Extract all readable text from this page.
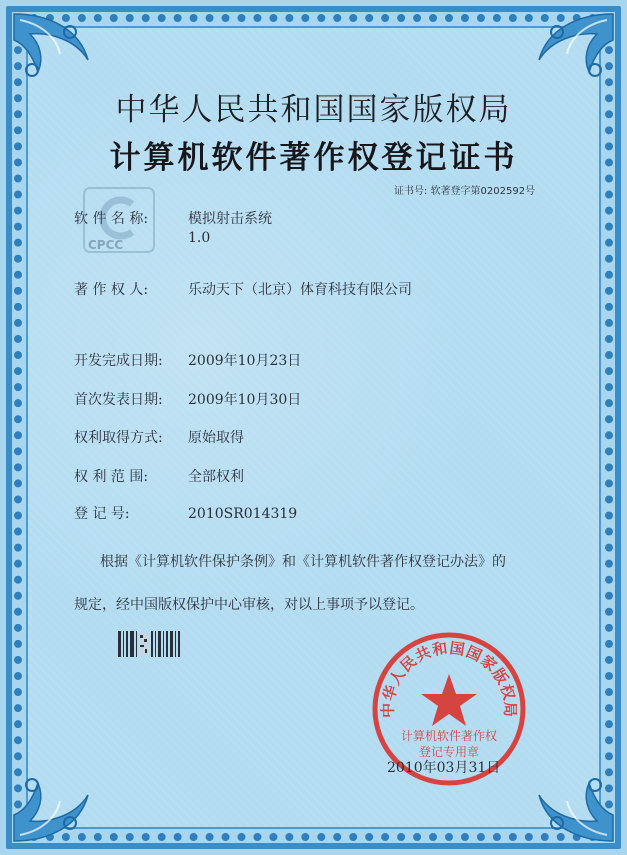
中华人民共和国国家版权局
计算机软件著作权登记证书
证书号: 软著登字第0202592号
CPCC
软 件 名 称:	模拟射击系统
1.0
著 作 权 人:	乐动天下（北京）体育科技有限公司
开发完成日期: 2009年10月23日
首次发表日期: 2009年10月30日
权利取得方式: 原始取得
权 利 范 围:	全部权利
登 记 号:	2010SR014319
根据《计算机软件保护条例》和《计算机软件著作权登记办法》的
规定，经中国版权保护中心审核，对以上事项予以登记。
中华人民共和国国家版权局
计算机软件著作权
登记专用章
2010年03月31日
